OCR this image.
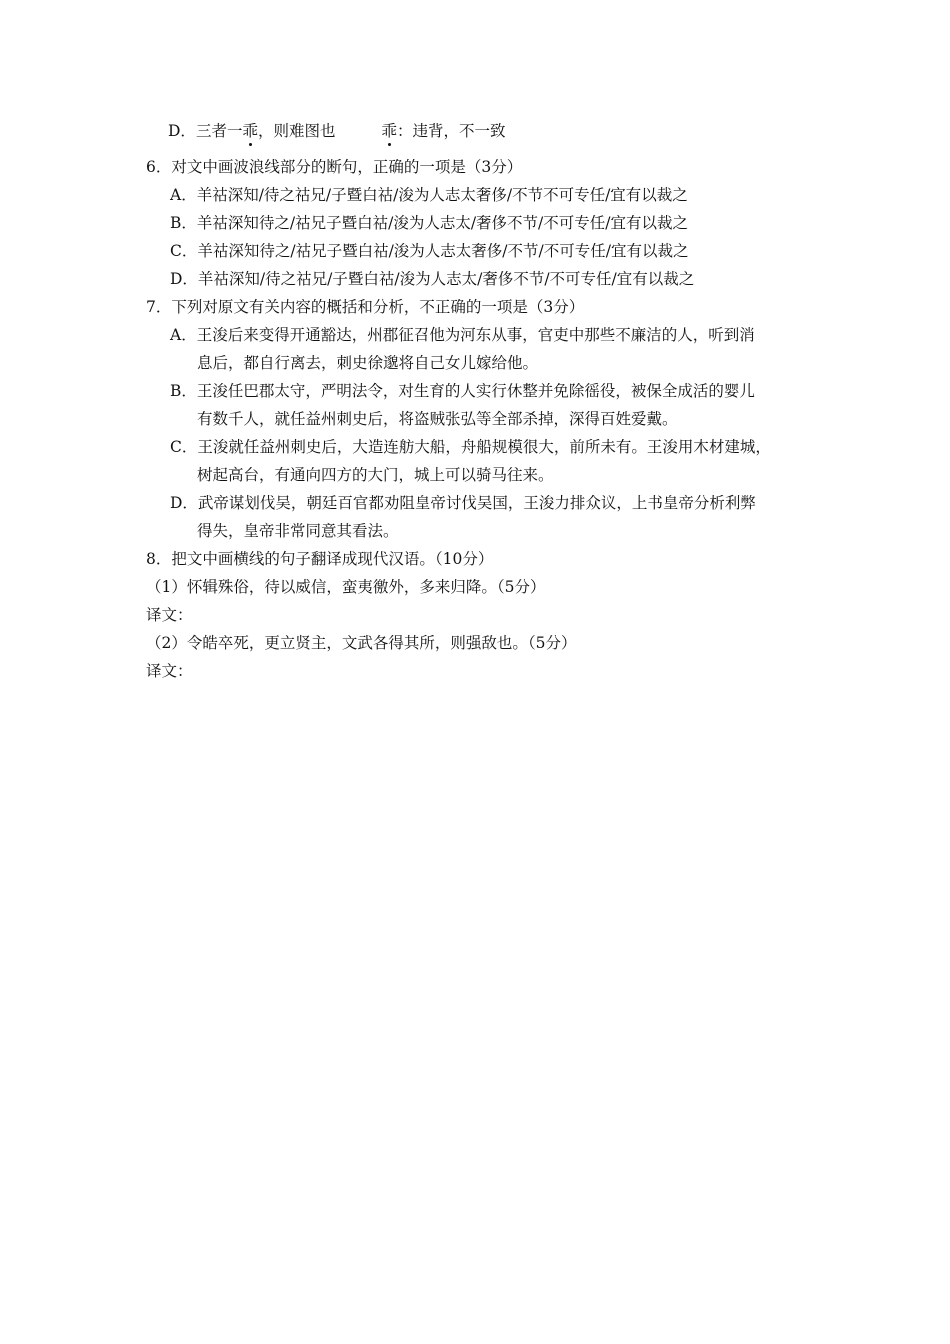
D．三者一乖，则难图也	乖：违背，不一致
6．对文中画波浪线部分的断句，正确的一项是（3分）
A．羊祜深知/待之祜兄/子暨白祜/浚为人志太奢侈/不节不可专任/宜有以裁之
B．羊祜深知待之/祜兄子暨白祜/浚为人志太/奢侈不节/不可专任/宜有以裁之
C．羊祜深知待之/祜兄子暨白祜/浚为人志太奢侈/不节/不可专任/宜有以裁之
D．羊祜深知/待之祜兄/子暨白祜/浚为人志太/奢侈不节/不可专任/宜有以裁之
7．下列对原文有关内容的概括和分析，不正确的一项是（3分）
A．王浚后来变得开通豁达，州郡征召他为河东从事，官吏中那些不廉洁的人，听到消
息后，都自行离去，刺史徐邈将自己女儿嫁给他。
B．王浚任巴郡太守，严明法令，对生育的人实行休整并免除徭役，被保全成活的婴儿
有数千人，就任益州刺史后，将盗贼张弘等全部杀掉，深得百姓爱戴。
C．王浚就任益州刺史后，大造连舫大船，舟船规模很大，前所未有。王浚用木材建城，
树起高台，有通向四方的大门，城上可以骑马往来。
D．武帝谋划伐吴，朝廷百官都劝阻皇帝讨伐吴国，王浚力排众议，上书皇帝分析利弊
得失，皇帝非常同意其看法。
8．把文中画横线的句子翻译成现代汉语。（10分）
（1）怀辑殊俗，待以威信，蛮夷徼外，多来归降。（5分）
译文：
（2）令皓卒死，更立贤主，文武各得其所，则强敌也。（5分）
译文：
